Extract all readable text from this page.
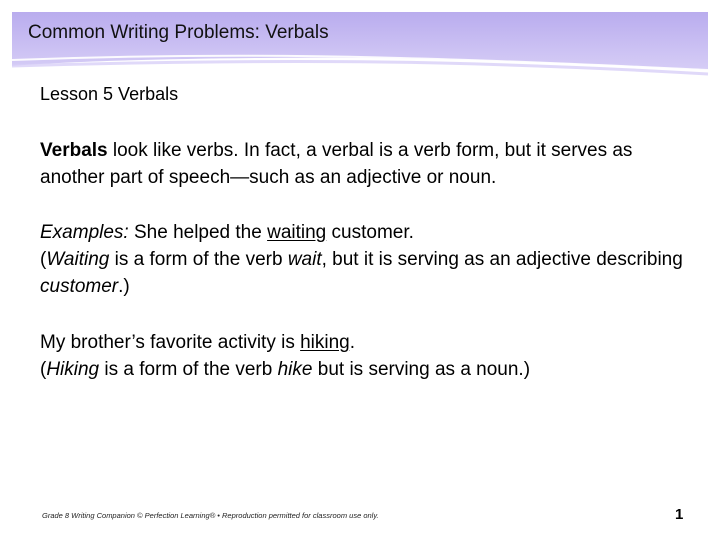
Common Writing Problems: Verbals
Lesson 5 Verbals
Verbals look like verbs. In fact, a verbal is a verb form, but it serves as another part of speech—such as an adjective or noun.
Examples: She helped the waiting customer.
(Waiting is a form of the verb wait, but it is serving as an adjective describing customer.)
My brother’s favorite activity is hiking.
(Hiking is a form of the verb hike but is serving as a noun.)
Grade 8 Writing Companion © Perfection Learning® • Reproduction permitted for classroom use only.	1
